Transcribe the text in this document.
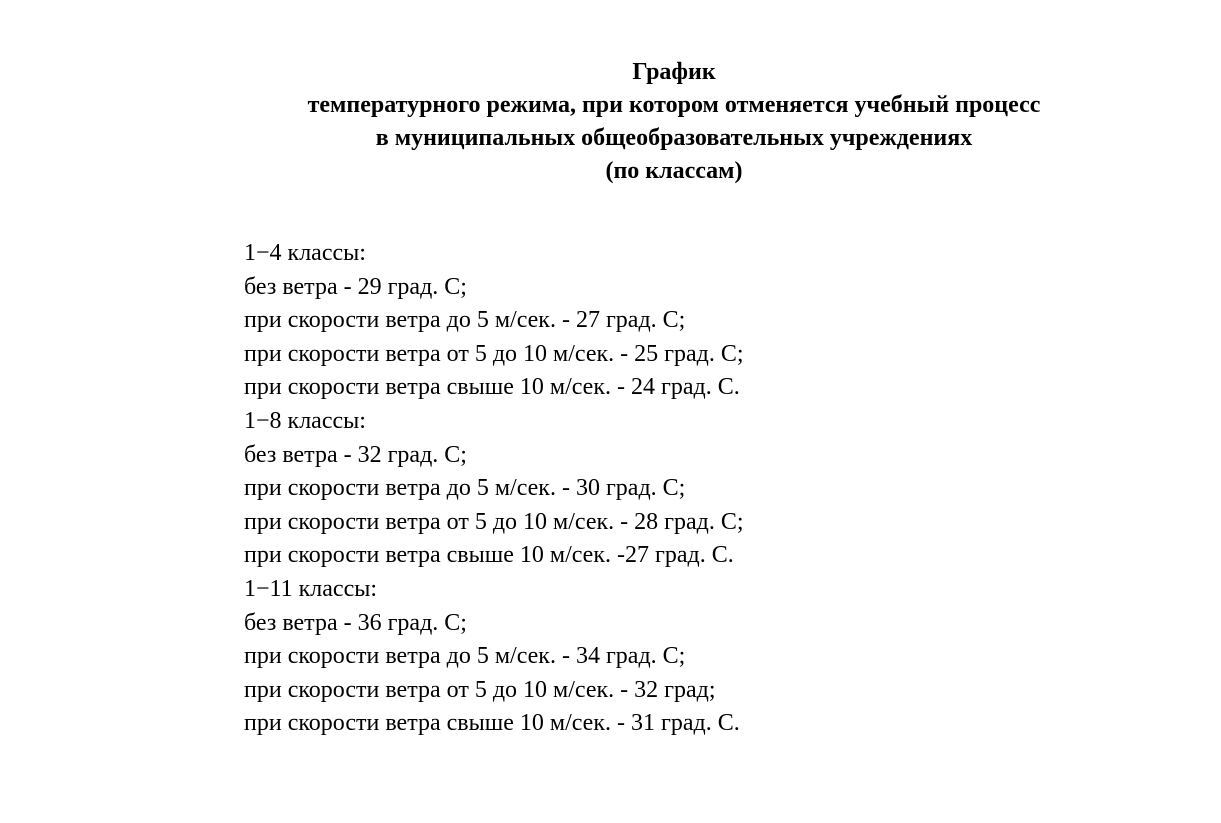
График
температурного режима, при котором отменяется учебный процесс
в муниципальных общеобразовательных учреждениях
(по классам)
1−4 классы:
без ветра - 29 град. С;
при скорости ветра до 5 м/сек. - 27 град. С;
при скорости ветра от 5 до 10 м/сек. - 25 град. С;
при скорости ветра свыше 10 м/сек. - 24 град. С.
1−8 классы:
без ветра - 32 град. С;
при скорости ветра до 5 м/сек. - 30 град. С;
при скорости ветра от 5 до 10 м/сек. - 28 град. С;
при скорости ветра свыше 10 м/сек. -27 град. С.
1−11 классы:
без ветра - 36 град. С;
при скорости ветра до 5 м/сек. - 34 град. С;
при скорости ветра от 5 до 10 м/сек. - 32 град;
при скорости ветра свыше 10 м/сек. - 31 град. С.
